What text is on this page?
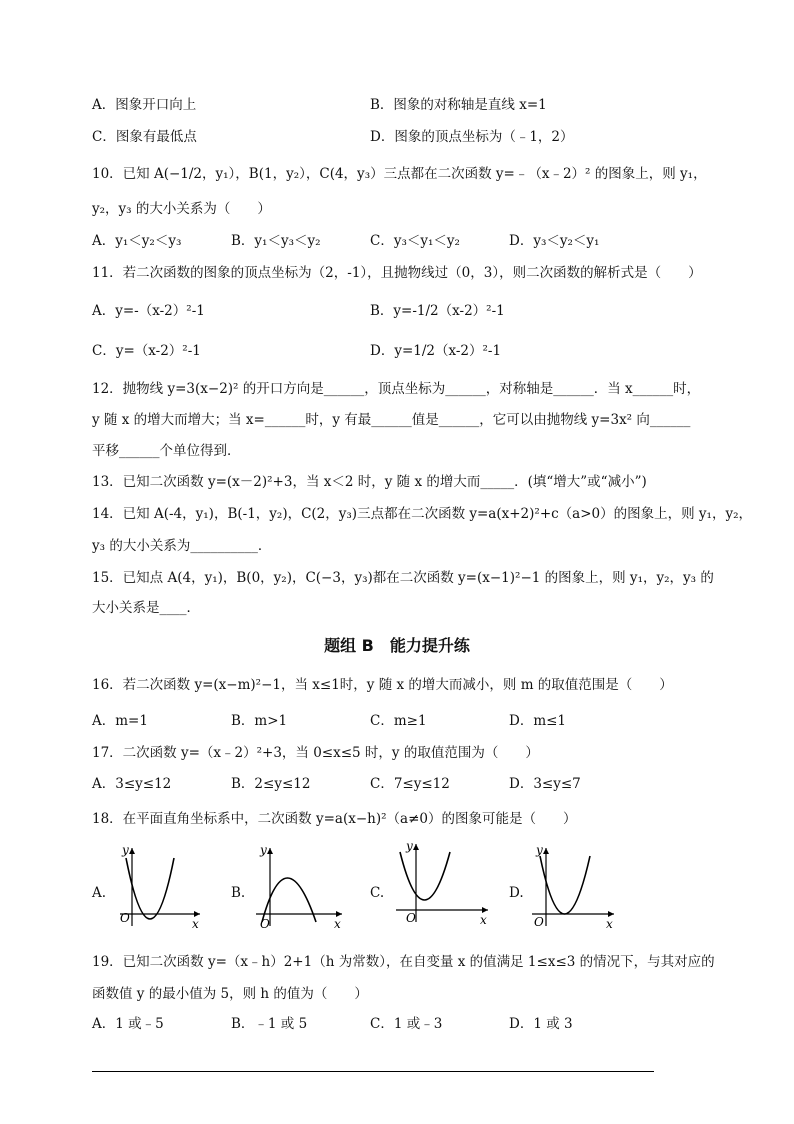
A．图象开口向上	B．图象的对称轴是直线 x=1
C．图象有最低点	D．图象的顶点坐标为（﹣1，2）
10．已知 A(−1/2，y₁），B(1，y₂），C(4，y₃）三点都在二次函数 y=﹣（x﹣2）² 的图象上，则 y₁，
y₂，y₃ 的大小关系为（　　）
A．y₁＜y₂＜y₃	B．y₁＜y₃＜y₂	C．y₃＜y₁＜y₂	D．y₃＜y₂＜y₁
11．若二次函数的图象的顶点坐标为（2，-1），且抛物线过（0，3），则二次函数的解析式是（　　）
A．y=-（x-2）²-1	B．y=-1/2（x-2）²-1
C．y=（x-2）²-1	D．y=1/2（x-2）²-1
12．抛物线 y=3(x−2)² 的开口方向是______，顶点坐标为______，对称轴是______．当 x______时，
y 随 x 的增大而增大；当 x=______时，y 有最______值是______，它可以由抛物线 y=3x² 向______
平移______个单位得到．
13．已知二次函数 y=(x－2)²+3，当 x＜2 时，y 随 x 的增大而_____．(填“增大”或“减小”)
14．已知 A(-4，y₁)，B(-1，y₂)，C(2，y₃)三点都在二次函数 y=a(x+2)²+c（a>0）的图象上，则 y₁，y₂，
y₃ 的大小关系为__________．
15．已知点 A(4，y₁)，B(0，y₂)，C(−3，y₃)都在二次函数 y=(x−1)²−1 的图象上，则 y₁，y₂，y₃ 的
大小关系是____．
题组 B　能力提升练
16．若二次函数 y=(x−m)²−1，当 x≤1时，y 随 x 的增大而减小，则 m 的取值范围是（　　）
A．m=1	B．m>1	C．m≥1	D．m≤1
17．二次函数 y=（x﹣2）²+3，当 0≤x≤5 时，y 的取值范围为（　　）
A．3≤y≤12	B．2≤y≤12	C．7≤y≤12	D．3≤y≤7
18．在平面直角坐标系中，二次函数 y=a(x−h)²（a≠0）的图象可能是（　　）
A.
O	x
y
B.
O	x
y
C.
O	x
y
D.
O	x
y
19．已知二次函数 y=（x﹣h）2+1（h 为常数），在自变量 x 的值满足 1≤x≤3 的情况下，与其对应的
函数值 y 的最小值为 5，则 h 的值为（　　）
A．1 或﹣5	B．﹣1 或 5	C．1 或﹣3	D．1 或 3
